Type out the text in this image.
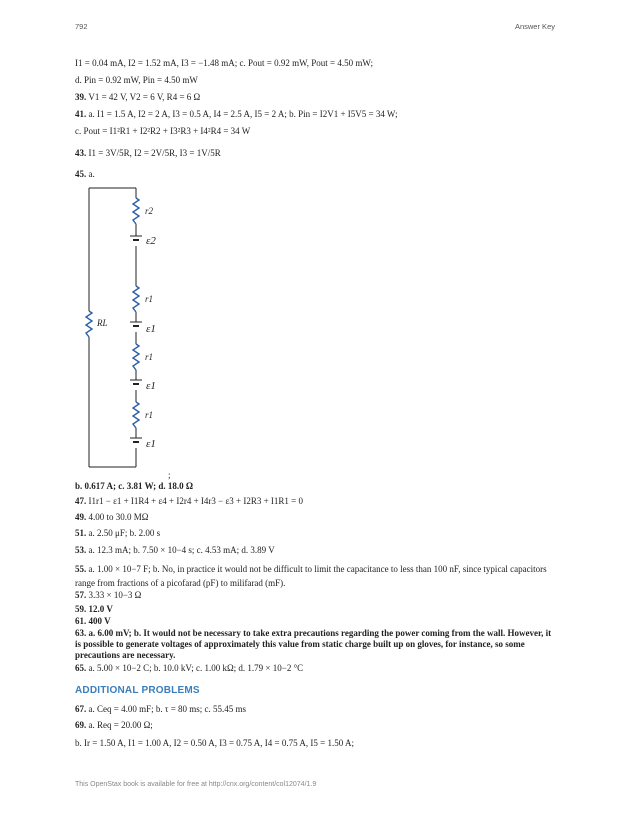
792	Answer Key
I1 = 0.04 mA, I2 = 1.52 mA, I3 = −1.48 mA; c. Pout = 0.92 mW, Pout = 4.50 mW;
d. Pin = 0.92 mW, Pin = 4.50 mW
39. V1 = 42 V, V2 = 6 V, R4 = 6 Ω
41. a. I1 = 1.5 A, I2 = 2 A, I3 = 0.5 A, I4 = 2.5 A, I5 = 2 A; b. Pin = I2V1 + I5V5 = 34 W;
c. Pout = I1²R1 + I2²R2 + I3²R3 + I4²R4 = 34 W
43. I1 = 3V/5R, I2 = 2V/5R, I3 = 1V/5R
45. a.
r2
ε2
r1
ε1
r1
ε1
r1
ε1
RL
;
b. 0.617 A; c. 3.81 W; d. 18.0 Ω
47. I1r1 − ε1 + I1R4 + ε4 + I2r4 + I4r3 − ε3 + I2R3 + I1R1 = 0
49. 4.00 to 30.0 MΩ
51. a. 2.50 μF; b. 2.00 s
53. a. 12.3 mA; b. 7.50 × 10−4 s; c. 4.53 mA; d. 3.89 V
55. a. 1.00 × 10−7 F; b. No, in practice it would not be difficult to limit the capacitance to less than 100 nF, since typical capacitors range from fractions of a picofarad (pF) to milifarad (mF).
57. 3.33 × 10−3 Ω
59. 12.0 V
61. 400 V
63. a. 6.00 mV; b. It would not be necessary to take extra precautions regarding the power coming from the wall. However, it is possible to generate voltages of approximately this value from static charge built up on gloves, for instance, so some precautions are necessary.
65. a. 5.00 × 10−2 C; b. 10.0 kV; c. 1.00 kΩ; d. 1.79 × 10−2 °C
ADDITIONAL PROBLEMS
67. a. Ceq = 4.00 mF; b. τ = 80 ms; c. 55.45 ms
69. a. Req = 20.00 Ω;
b. Ir = 1.50 A, I1 = 1.00 A, I2 = 0.50 A, I3 = 0.75 A, I4 = 0.75 A, I5 = 1.50 A;
This OpenStax book is available for free at http://cnx.org/content/col12074/1.9
